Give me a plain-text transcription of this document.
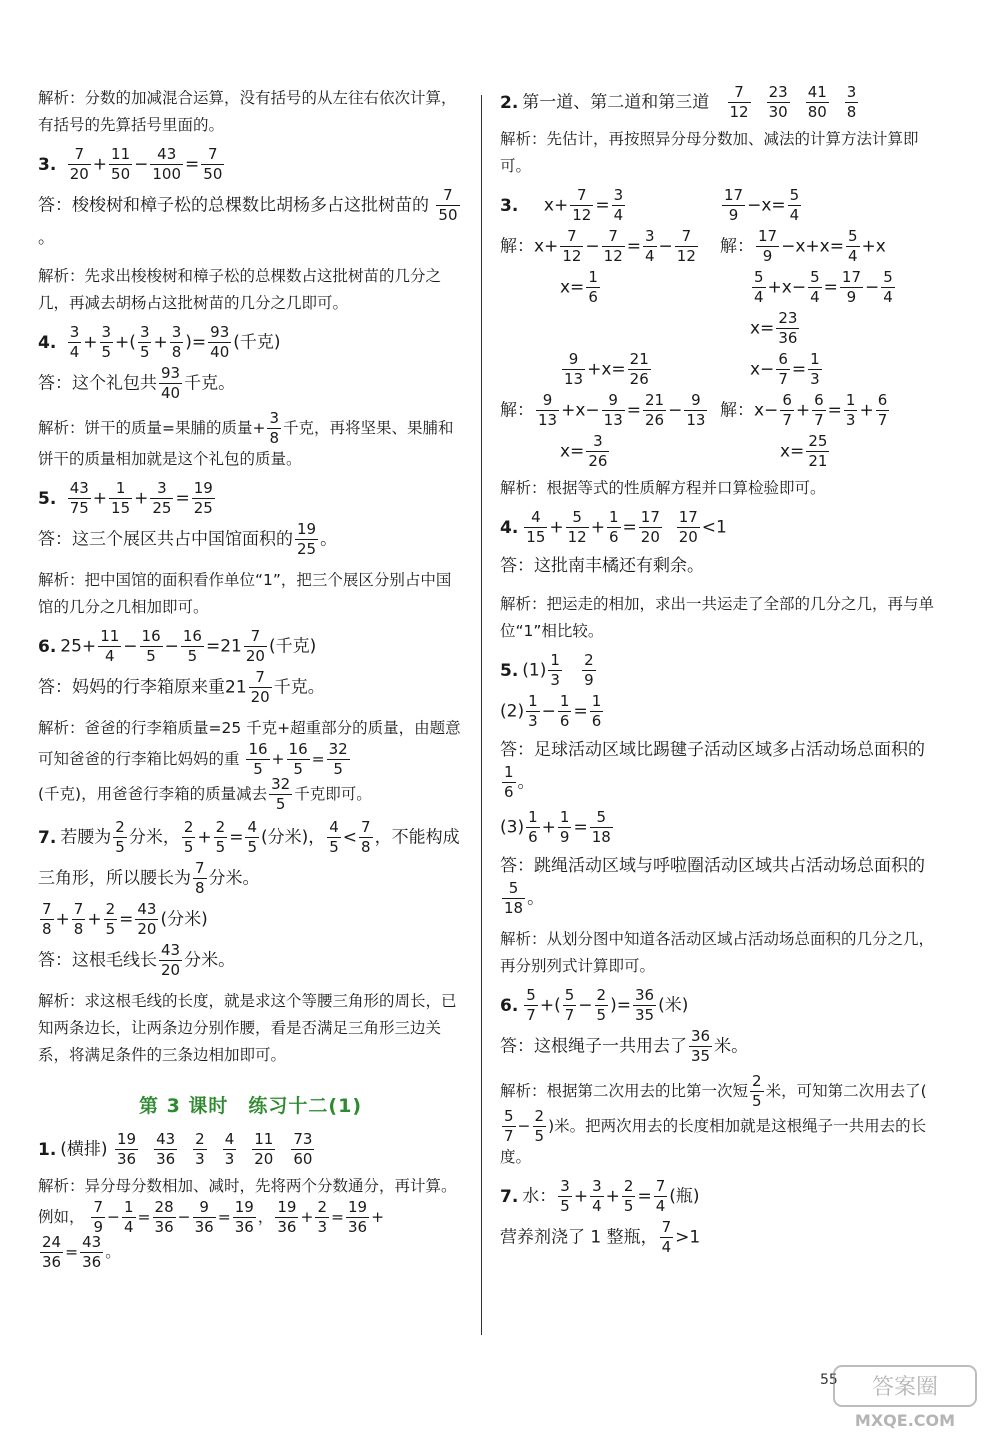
解析：分数的加减混合运算，没有括号的从左往右依次计算，有括号的先算括号里面的。

3. $\frac{7}{20} + \frac{11}{50} - \frac{43}{100} = \frac{7}{50}$

答：梭梭树和樟子松的总棵数比胡杨多占这批树苗的 $\frac{7}{50}$
。

解析：先求出梭梭树和樟子松的总棵数占这批树苗的几分之几，再减去胡杨占这批树苗的几分之几即可。

4. $\frac{3}{4} + \frac{3}{5}$ +( $\frac{3}{5} + \frac{3}{8}$ )= $\frac{93}{40}$ (千克)

答：这个礼包共 $\frac{93}{40}$ 千克。

解析：饼干的质量=果脯的质量+ $\frac{3}{8}$ 千克，再将坚果、果脯和饼干的质量相加就是这个礼包的质量。

5. $\frac{43}{75} + \frac{1}{15} + \frac{3}{25} = \frac{19}{25}$

答：这三个展区共占中国馆面积的 $\frac{19}{25}$ 。

解析：把中国馆的面积看作单位“1”，把三个展区分别占中国馆的几分之几相加即可。

6. $25+ \frac{11}{4} - \frac{16}{5} - \frac{16}{5} =21 \frac{7}{20}$ (千克)

答：妈妈的行李箱原来重$21 \frac{7}{20}$ 千克。

解析：爸爸的行李箱质量=25 千克+超重部分的质量，由题意可知爸爸的行李箱比妈妈的重 $\frac{16}{5} + \frac{16}{5} = \frac{32}{5}$

(千克)，用爸爸行李箱的质量减去 $\frac{32}{5}$ 千克即可。

7. 若腰为 $\frac{2}{5}$ 分米， $\frac{2}{5} + \frac{2}{5} = \frac{4}{5}$ (分米)， $\frac{4}{5} < \frac{7}{8}$ ，不能构成
三角形，所以腰长为 $\frac{7}{8}$ 分米。
$\frac{7}{8} + \frac{7}{8} + \frac{2}{5} = \frac{43}{20}$ (分米)

答：这根毛线长 $\frac{43}{20}$ 分米。

解析：求这根毛线的长度，就是求这个等腰三角形的周长，已知两条边长，让两条边分别作腰，看是否满足三角形三边关系，将满足条件的三条边相加即可。

第 3 课时　练习十二(1)
1. (横排) $\frac{19}{36} \frac{43}{36} \frac{2}{3} \frac{4}{3} \frac{11}{20} \frac{73}{60}$

解析：异分母分数相加、减时，先将两个分数通分，再计算。例如， $\frac{7}{9} - \frac{1}{4} = \frac{28}{36} - \frac{9}{36} = \frac{19}{36}$ ， $\frac{19}{36} + \frac{2}{3} = \frac{19}{36}$ +

$\frac{24}{36} = \frac{43}{36}$ 。

2. 第一道、第二道和第三道 $\frac{7}{12} \frac{23}{30} \frac{41}{80} \frac{3}{8}$

解析：先估计，再按照异分母分数加、减法的计算方法计算即可。

3.    $x+ \frac{7}{12} = \frac{3}{4}$	$\frac{17}{9} -x= \frac{5}{4}$
解：$x+ \frac{7}{12} - \frac{7}{12} = \frac{3}{4} - \frac{7}{12}$ 解： $\frac{17}{9} -x+x= \frac{5}{4} +x$
$x= \frac{1}{6}$	$\frac{5}{4} +x- \frac{5}{4} = \frac{17}{9} - \frac{5}{4}$
$x= \frac{23}{36}$
$\frac{9}{13} +x= \frac{21}{26}$	$x- \frac{6}{7} = \frac{1}{3}$
解： $\frac{9}{13} +x- \frac{9}{13} = \frac{21}{26} - \frac{9}{13}$ 解：$x- \frac{6}{7} + \frac{6}{7} = \frac{1}{3} + \frac{6}{7}$
$x= \frac{3}{26}$	$x= \frac{25}{21}$

解析：根据等式的性质解方程并口算检验即可。

4. $\frac{4}{15} + \frac{5}{12} + \frac{1}{6} = \frac{17}{20}$
$\frac{17}{20} <1$

答：这批南丰橘还有剩余。

解析：把运走的相加，求出一共运走了全部的几分之几，再与单位“1”相比较。

5. $(1) \frac{1}{3}$
$\frac{2}{9}$
$(2) \frac{1}{3} - \frac{1}{6} = \frac{1}{6}$

答：足球活动区域比踢毽子活动区域多占活动场总面积的
$\frac{1}{6}$ 。

$(3) \frac{1}{6} + \frac{1}{9} = \frac{5}{18}$

答：跳绳活动区域与呼啦圈活动区域共占活动场总面积的
$\frac{5}{18}$ 。

解析：从划分图中知道各活动区域占活动场总面积的几分之几，再分别列式计算即可。

6. $\frac{5}{7}$ +( $\frac{5}{7} - \frac{2}{5}$ )= $\frac{36}{35}$ (米)

答：这根绳子一共用去了 $\frac{36}{35}$ 米。

解析：根据第二次用去的比第一次短 $\frac{2}{5}$ 米，可知第二次用去了(
$\frac{5}{7} - \frac{2}{5}$ )米。把两次用去的长度相加就是这根绳子一共用去的长度。

7. 水： $\frac{3}{5} + \frac{3}{4} + \frac{2}{5} = \frac{7}{4}$ (瓶)
营养剂浇了 1 整瓶， $\frac{7}{4} >1$
55 答案圈
MXQE.COM
